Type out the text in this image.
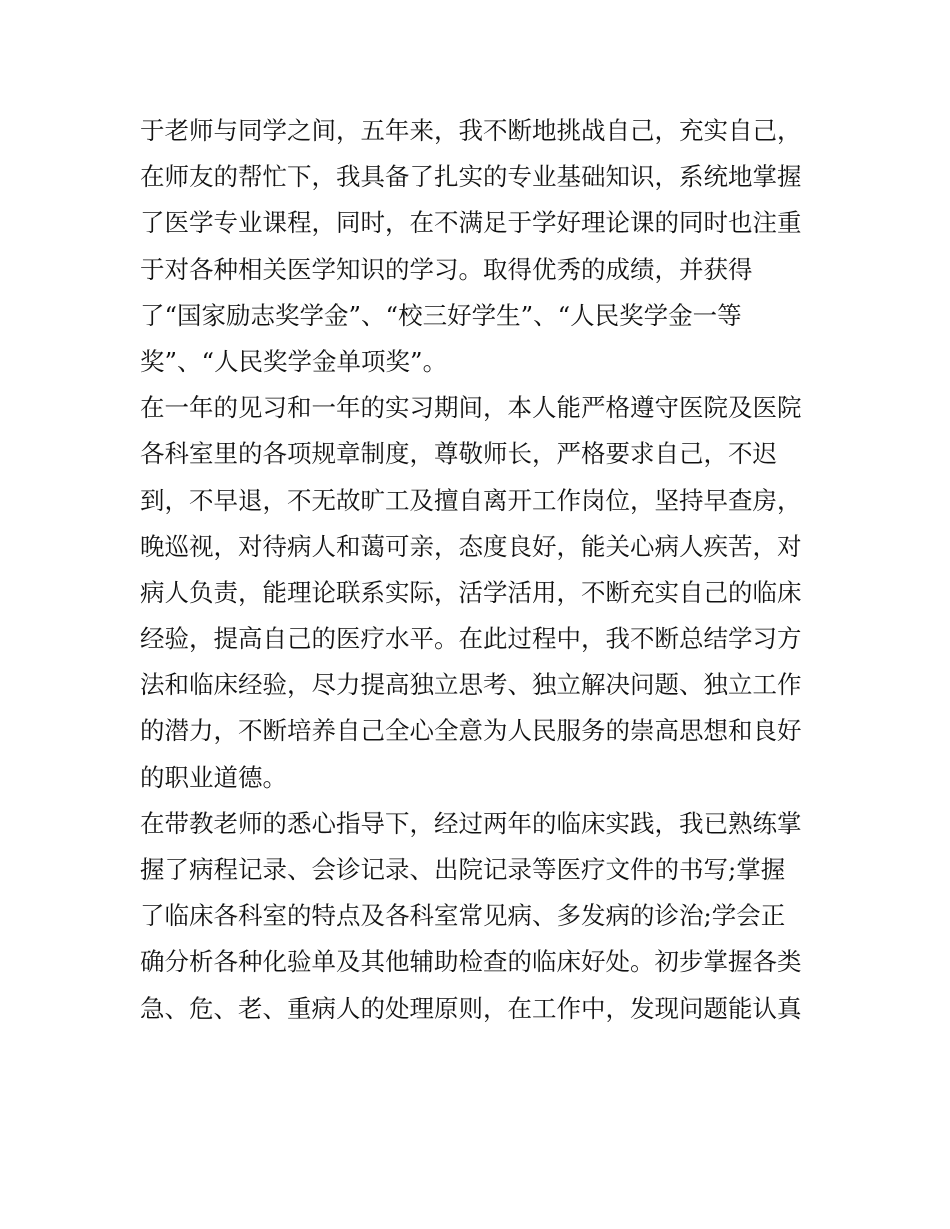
于老师与同学之间，五年来，我不断地挑战自己，充实自己，
在师友的帮忙下，我具备了扎实的专业基础知识，系统地掌握
了医学专业课程，同时，在不满足于学好理论课的同时也注重
于对各种相关医学知识的学习。取得优秀的成绩，并获得
了“国家励志奖学金”、“校三好学生”、“人民奖学金一等
奖”、“人民奖学金单项奖”。
在一年的见习和一年的实习期间，本人能严格遵守医院及医院
各科室里的各项规章制度，尊敬师长，严格要求自己，不迟
到，不早退，不无故旷工及擅自离开工作岗位，坚持早查房，
晚巡视，对待病人和蔼可亲，态度良好，能关心病人疾苦，对
病人负责，能理论联系实际，活学活用，不断充实自己的临床
经验，提高自己的医疗水平。在此过程中，我不断总结学习方
法和临床经验，尽力提高独立思考、独立解决问题、独立工作
的潜力，不断培养自己全心全意为人民服务的崇高思想和良好
的职业道德。
在带教老师的悉心指导下，经过两年的临床实践，我已熟练掌
握了病程记录、会诊记录、出院记录等医疗文件的书写;掌握
了临床各科室的特点及各科室常见病、多发病的诊治;学会正
确分析各种化验单及其他辅助检查的临床好处。初步掌握各类
急、危、老、重病人的处理原则，在工作中，发现问题能认真
